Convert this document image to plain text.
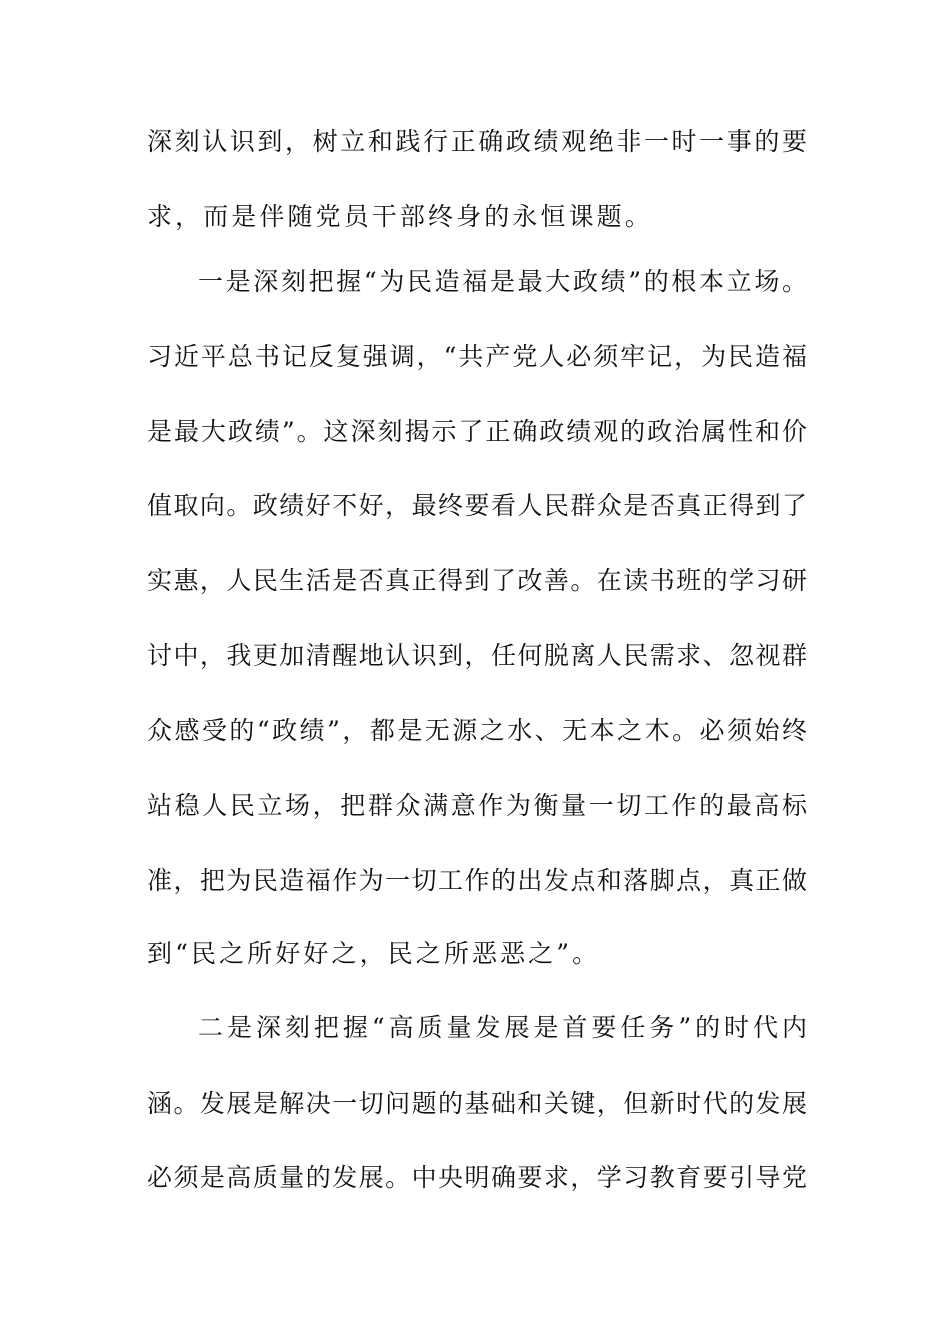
深刻认识到，树立和践行正确政绩观绝非一时一事的要
求，而是伴随党员干部终身的永恒课题。
一是深刻把握“为民造福是最大政绩”的根本立场。
习近平总书记反复强调，“共产党人必须牢记，为民造福
是最大政绩”。这深刻揭示了正确政绩观的政治属性和价
值取向。政绩好不好，最终要看人民群众是否真正得到了
实惠，人民生活是否真正得到了改善。在读书班的学习研
讨中，我更加清醒地认识到，任何脱离人民需求、忽视群
众感受的“政绩”，都是无源之水、无本之木。必须始终
站稳人民立场，把群众满意作为衡量一切工作的最高标
准，把为民造福作为一切工作的出发点和落脚点，真正做
到“民之所好好之，民之所恶恶之”。
二是深刻把握“高质量发展是首要任务”的时代内
涵。发展是解决一切问题的基础和关键，但新时代的发展
必须是高质量的发展。中央明确要求，学习教育要引导党
